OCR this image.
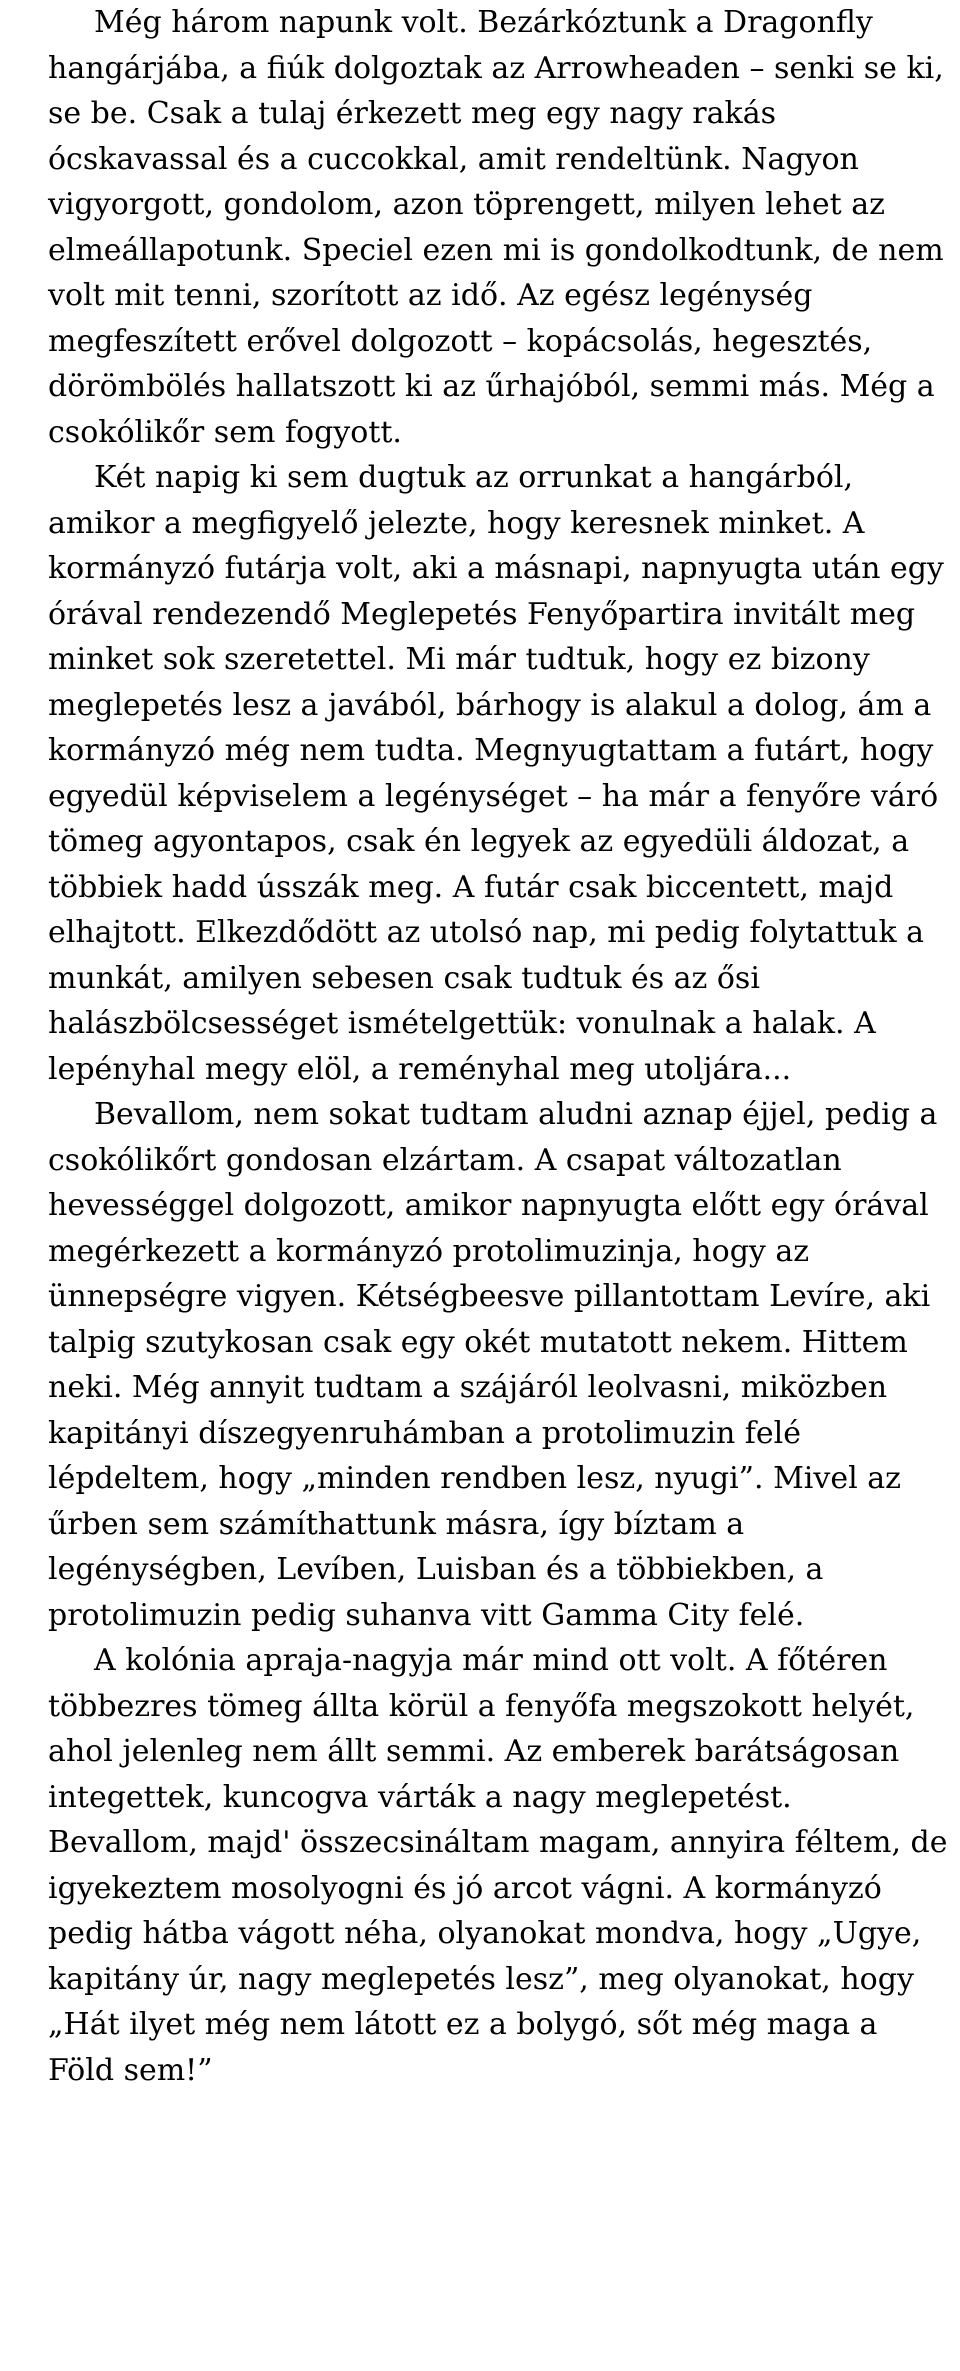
Még három napunk volt. Bezárkóztunk a Dragonfly hangárjába, a fiúk dolgoztak az Arrowheaden – senki se ki, se be. Csak a tulaj érkezett meg egy nagy rakás ócskavassal és a cuccokkal, amit rendeltünk. Nagyon vigyorgott, gondolom, azon töprengett, milyen lehet az elmeállapotunk. Speciel ezen mi is gondolkodtunk, de nem volt mit tenni, szorított az idő. Az egész legénység megfeszített erővel dolgozott – kopácsolás, hegesztés, dörömbölés hallatszott ki az űrhajóból, semmi más. Még a csokólikőr sem fogyott.

Két napig ki sem dugtuk az orrunkat a hangárból, amikor a megfigyelő jelezte, hogy keresnek minket. A kormányzó futárja volt, aki a másnapi, napnyugta után egy órával rendezendő Meglepetés Fenyőpartira invitált meg minket sok szeretettel. Mi már tudtuk, hogy ez bizony meglepetés lesz a javából, bárhogy is alakul a dolog, ám a kormányzó még nem tudta. Megnyugtattam a futárt, hogy egyedül képviselem a legénységet – ha már a fenyőre váró tömeg agyontapos, csak én legyek az egyedüli áldozat, a többiek hadd ússzák meg. A futár csak biccentett, majd elhajtott. Elkezdődött az utolsó nap, mi pedig folytattuk a munkát, amilyen sebesen csak tudtuk és az ősi halászbölcsességet ismételgettük: vonulnak a halak. A lepényhal megy elöl, a reményhal meg utoljára...

Bevallom, nem sokat tudtam aludni aznap éjjel, pedig a csokólikőrt gondosan elzártam. A csapat változatlan hevességgel dolgozott, amikor napnyugta előtt egy órával megérkezett a kormányzó protolimuzinja, hogy az ünnepségre vigyen. Kétségbeesve pillantottam Levíre, aki talpig szutykosan csak egy okét mutatott nekem. Hittem neki. Még annyit tudtam a szájáról leolvasni, miközben kapitányi díszegyenruhámban a protolimuzin felé lépdeltem, hogy „minden rendben lesz, nyugi”. Mivel az űrben sem számíthattunk másra, így bíztam a legénységben, Levíben, Luisban és a többiekben, a protolimuzin pedig suhanva vitt Gamma City felé.

A kolónia apraja-nagyja már mind ott volt. A főtéren többezres tömeg állta körül a fenyőfa megszokott helyét, ahol jelenleg nem állt semmi. Az emberek barátságosan integettek, kuncogva várták a nagy meglepetést. Bevallom, majd' összecsináltam magam, annyira féltem, de igyekeztem mosolyogni és jó arcot vágni. A kormányzó pedig hátba vágott néha, olyanokat mondva, hogy „Ugye, kapitány úr, nagy meglepetés lesz”, meg olyanokat, hogy „Hát ilyet még nem látott ez a bolygó, sőt még maga a Föld sem!”
